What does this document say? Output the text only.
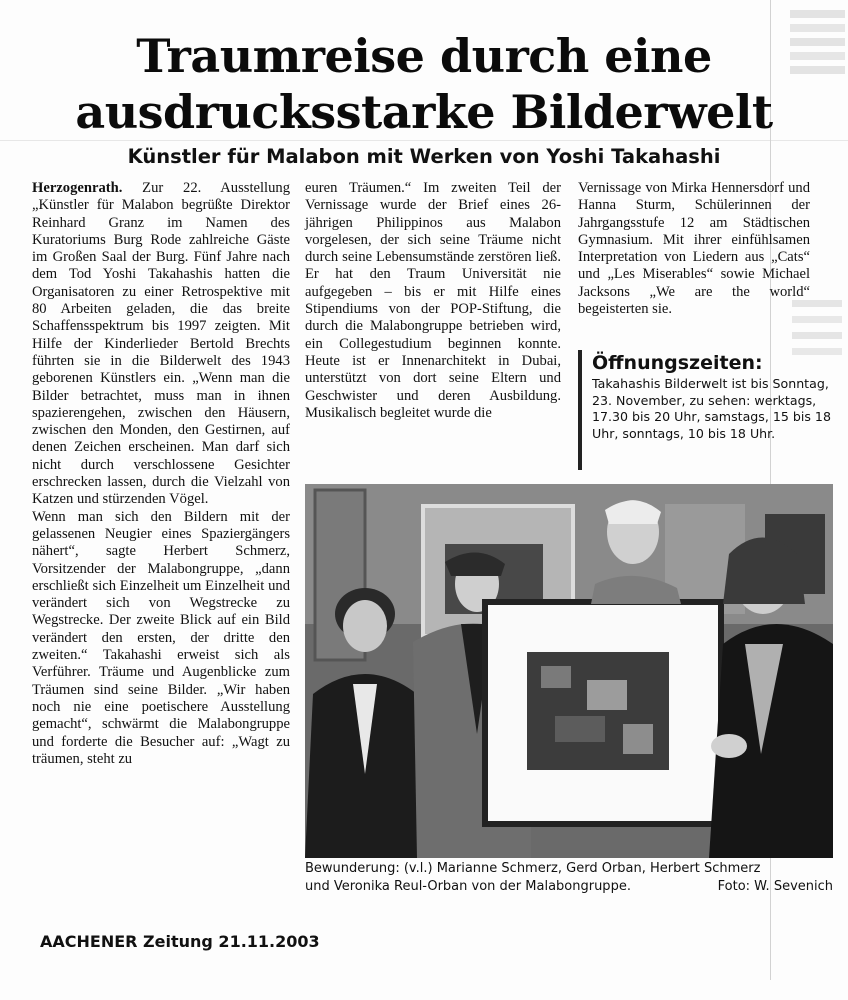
Traumreise durch eine
ausdrucksstarke Bilderwelt
Künstler für Malabon mit Werken von Yoshi Takahashi

Herzogenrath. Zur 22. Ausstellung „Künstler für Malabon begrüßte Direktor Reinhard Granz im Namen des Kuratoriums Burg Rode zahlreiche Gäste im Großen Saal der Burg. Fünf Jahre nach dem Tod Yoshi Takahashis hatten die Organisatoren zu einer Retrospektive mit 80 Arbeiten geladen, die das breite Schaffensspektrum bis 1997 zeigten. Mit Hilfe der Kinderlieder Bertold Brechts führten sie in die Bilderwelt des 1943 geborenen Künstlers ein. „Wenn man die Bilder betrachtet, muss man in ihnen spazierengehen, zwischen den Häusern, zwischen den Monden, den Gestirnen, auf denen Zeichen erscheinen. Man darf sich nicht durch verschlossene Gesichter erschrecken lassen, durch die Vielzahl von Katzen und stürzenden Vögel.

Wenn man sich den Bildern mit der gelassenen Neugier eines Spaziergängers nähert“, sagte Herbert Schmerz, Vorsitzender der Malabongruppe, „dann erschließt sich Einzelheit um Einzelheit und verändert sich von Wegstrecke zu Wegstrecke. Der zweite Blick auf ein Bild verändert den ersten, der dritte den zweiten.“ Takahashi erweist sich als Verführer. Träume und Augenblicke zum Träumen sind seine Bilder. „Wir haben noch nie eine poetischere Ausstellung gemacht“, schwärmt die Malabongruppe und forderte die Besucher auf: „Wagt zu träumen, steht zu

euren Träumen.“ Im zweiten Teil der Vernissage wurde der Brief eines 26-jährigen Philippinos aus Malabon vorgelesen, der sich seine Träume nicht durch seine Lebensumstände zerstören ließ. Er hat den Traum Universität nie aufgegeben – bis er mit Hilfe eines Stipendiums von der POP-Stiftung, die durch die Malabongruppe betrieben wird, ein Collegestudium beginnen konnte. Heute ist er Innenarchitekt in Dubai, unterstützt von dort seine Eltern und Geschwister und deren Ausbildung. Musikalisch begleitet wurde die

Vernissage von Mirka Hennersdorf und Hanna Sturm, Schülerinnen der Jahrgangsstufe 12 am Städtischen Gymnasium. Mit ihrer einfühlsamen Interpretation von Liedern aus „Cats“ und „Les Miserables“ sowie Michael Jacksons „We are the world“ begeisterten sie.

Öffnungszeiten:
Takahashis Bilderwelt ist bis Sonntag, 23. November, zu sehen: werktags, 17.30 bis 20 Uhr, samstags, 15 bis 18 Uhr, sonntags, 10 bis 18 Uhr.
Bewunderung: (v.l.) Marianne Schmerz, Gerd Orban, Herbert Schmerz
und Veronika Reul-Orban von der Malabongruppe.	Foto: W. Sevenich
AACHENER Zeitung 21.11.2003
